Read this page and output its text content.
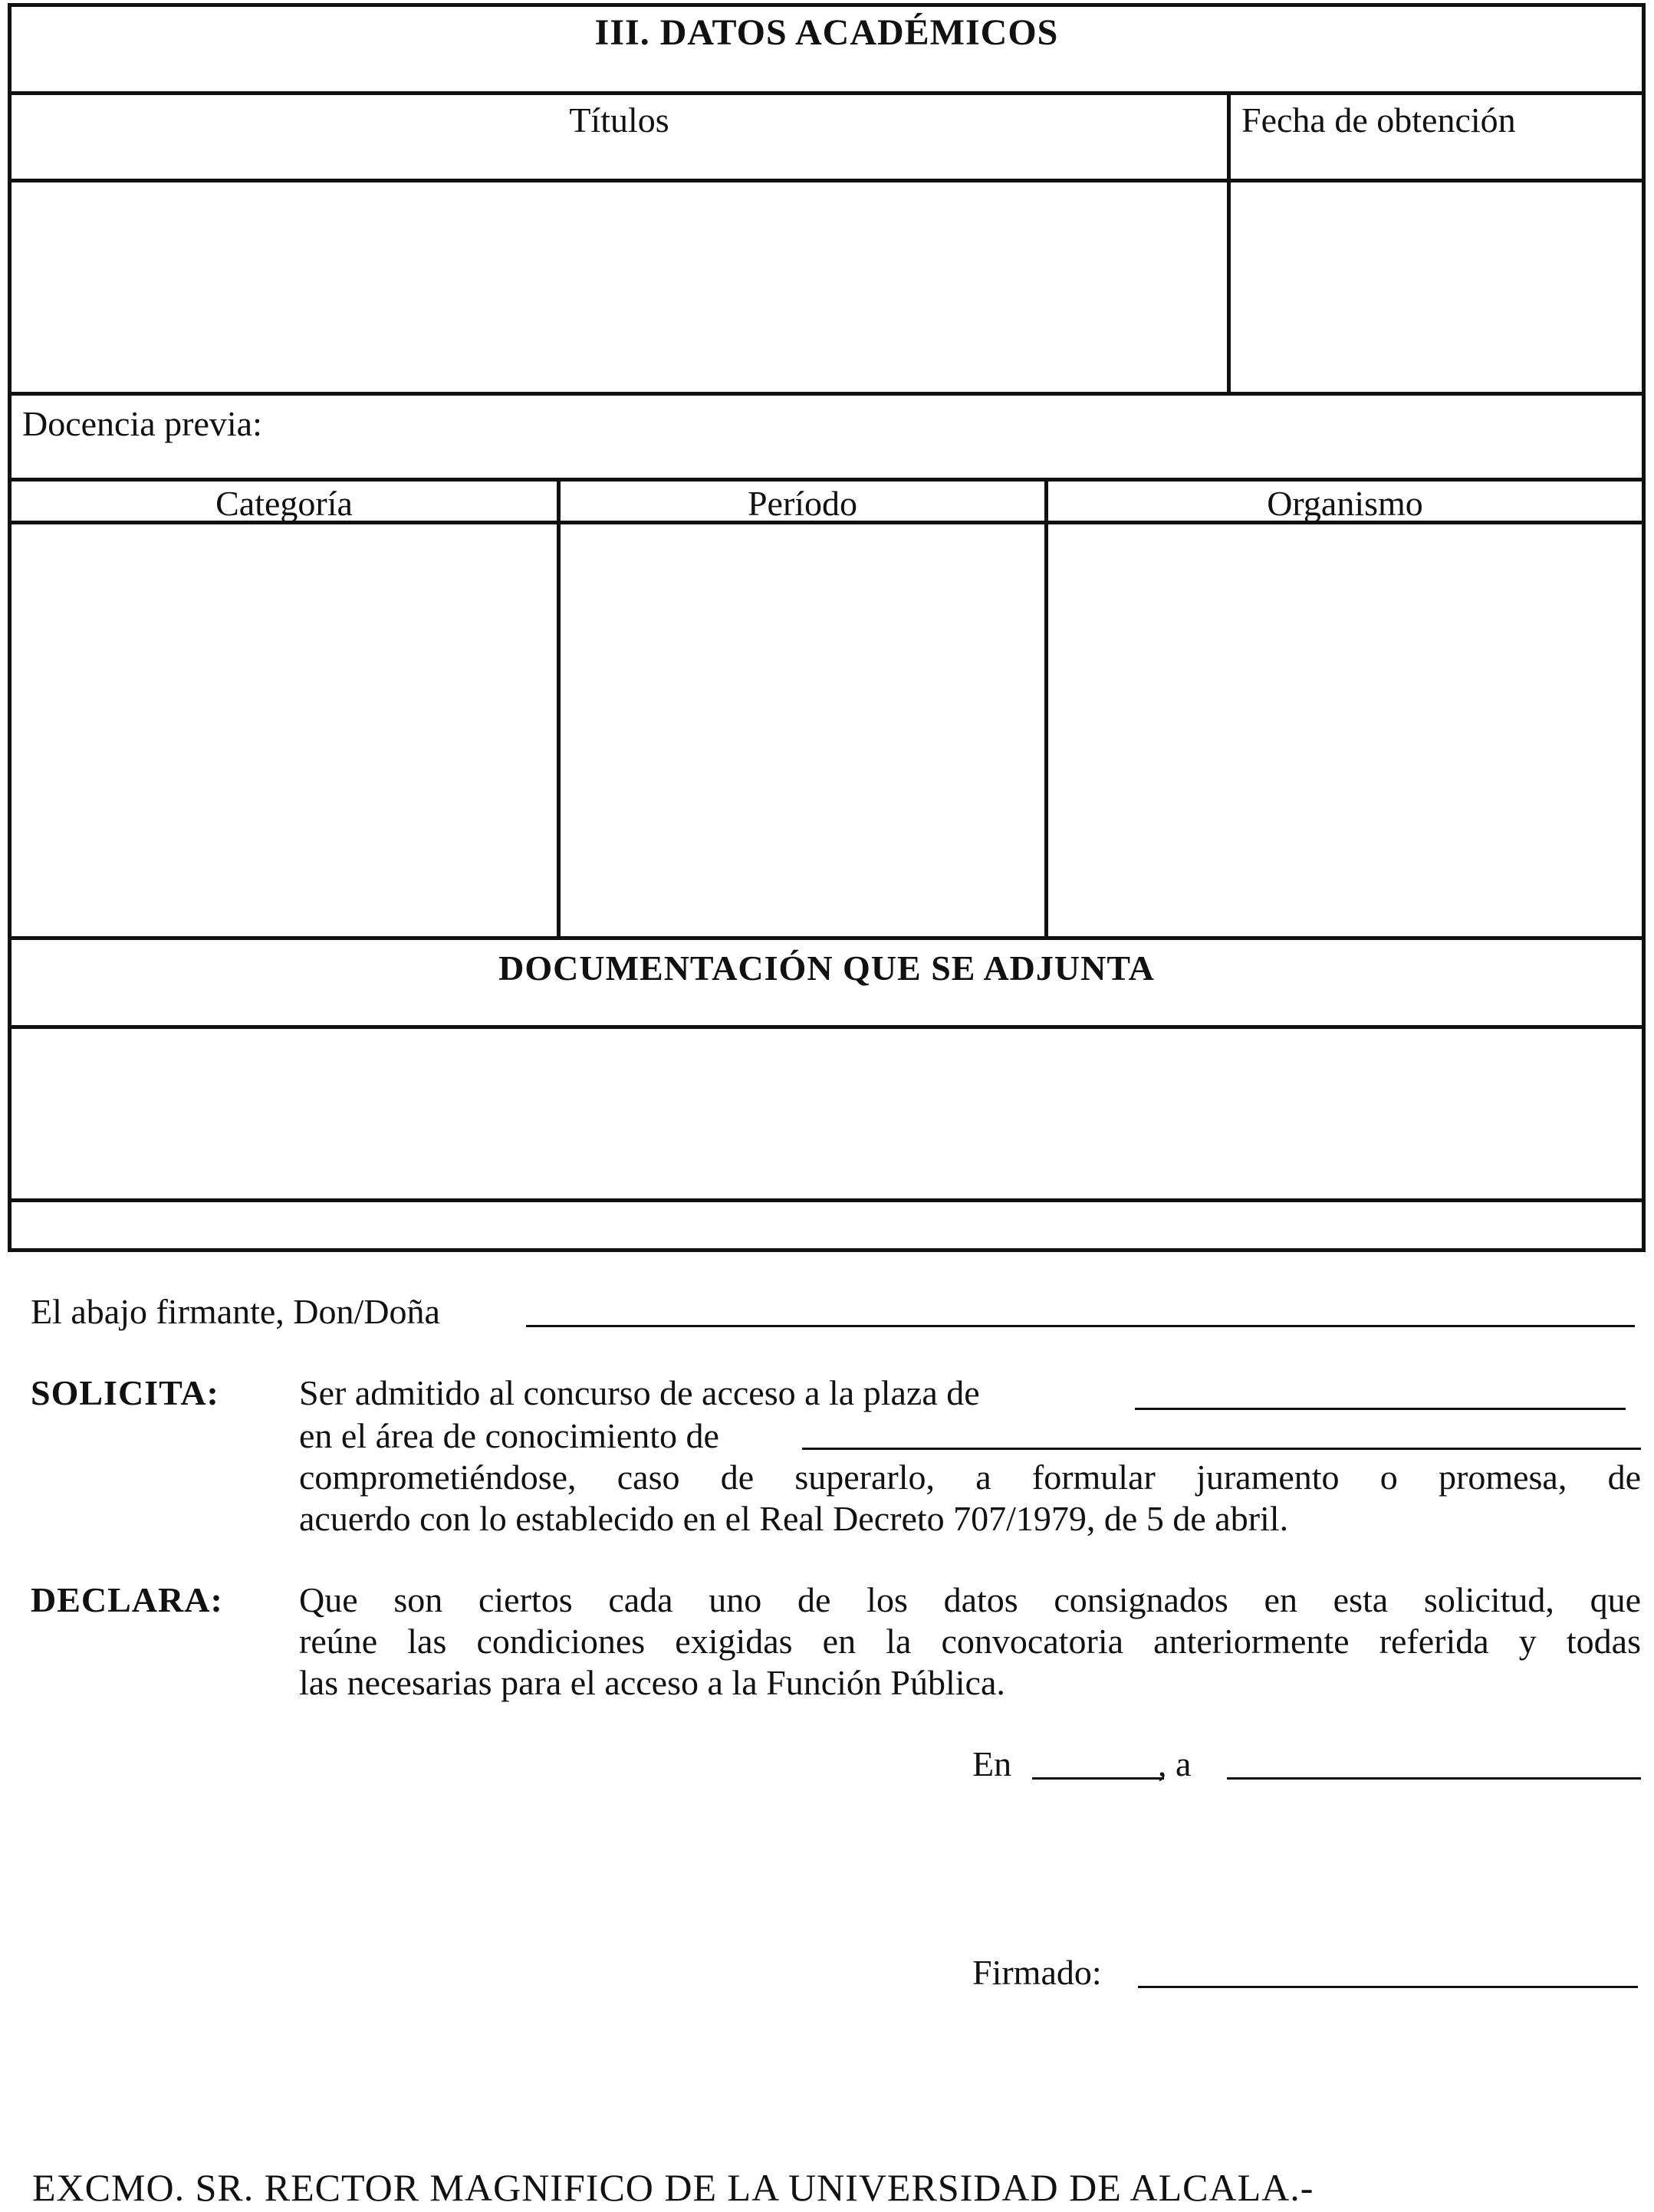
III. DATOS ACADÉMICOS
Títulos	Fecha de obtención
Docencia previa:
Categoría	Período	Organismo
DOCUMENTACIÓN QUE SE ADJUNTA
El abajo firmante, Don/Doña
SOLICITA: Ser admitido al concurso de acceso a la plaza de
en el área de conocimiento de
comprometiéndose, caso de superarlo, a formular juramento o promesa, de
acuerdo con lo establecido en el Real Decreto 707/1979, de 5 de abril.
DECLARA: Que son ciertos cada uno de los datos consignados en esta solicitud, que
reúne las condiciones exigidas en la convocatoria anteriormente referida y todas
las necesarias para el acceso a la Función Pública.
En	, a
Firmado:
EXCMO. SR. RECTOR MAGNIFICO DE LA UNIVERSIDAD DE ALCALA.-
